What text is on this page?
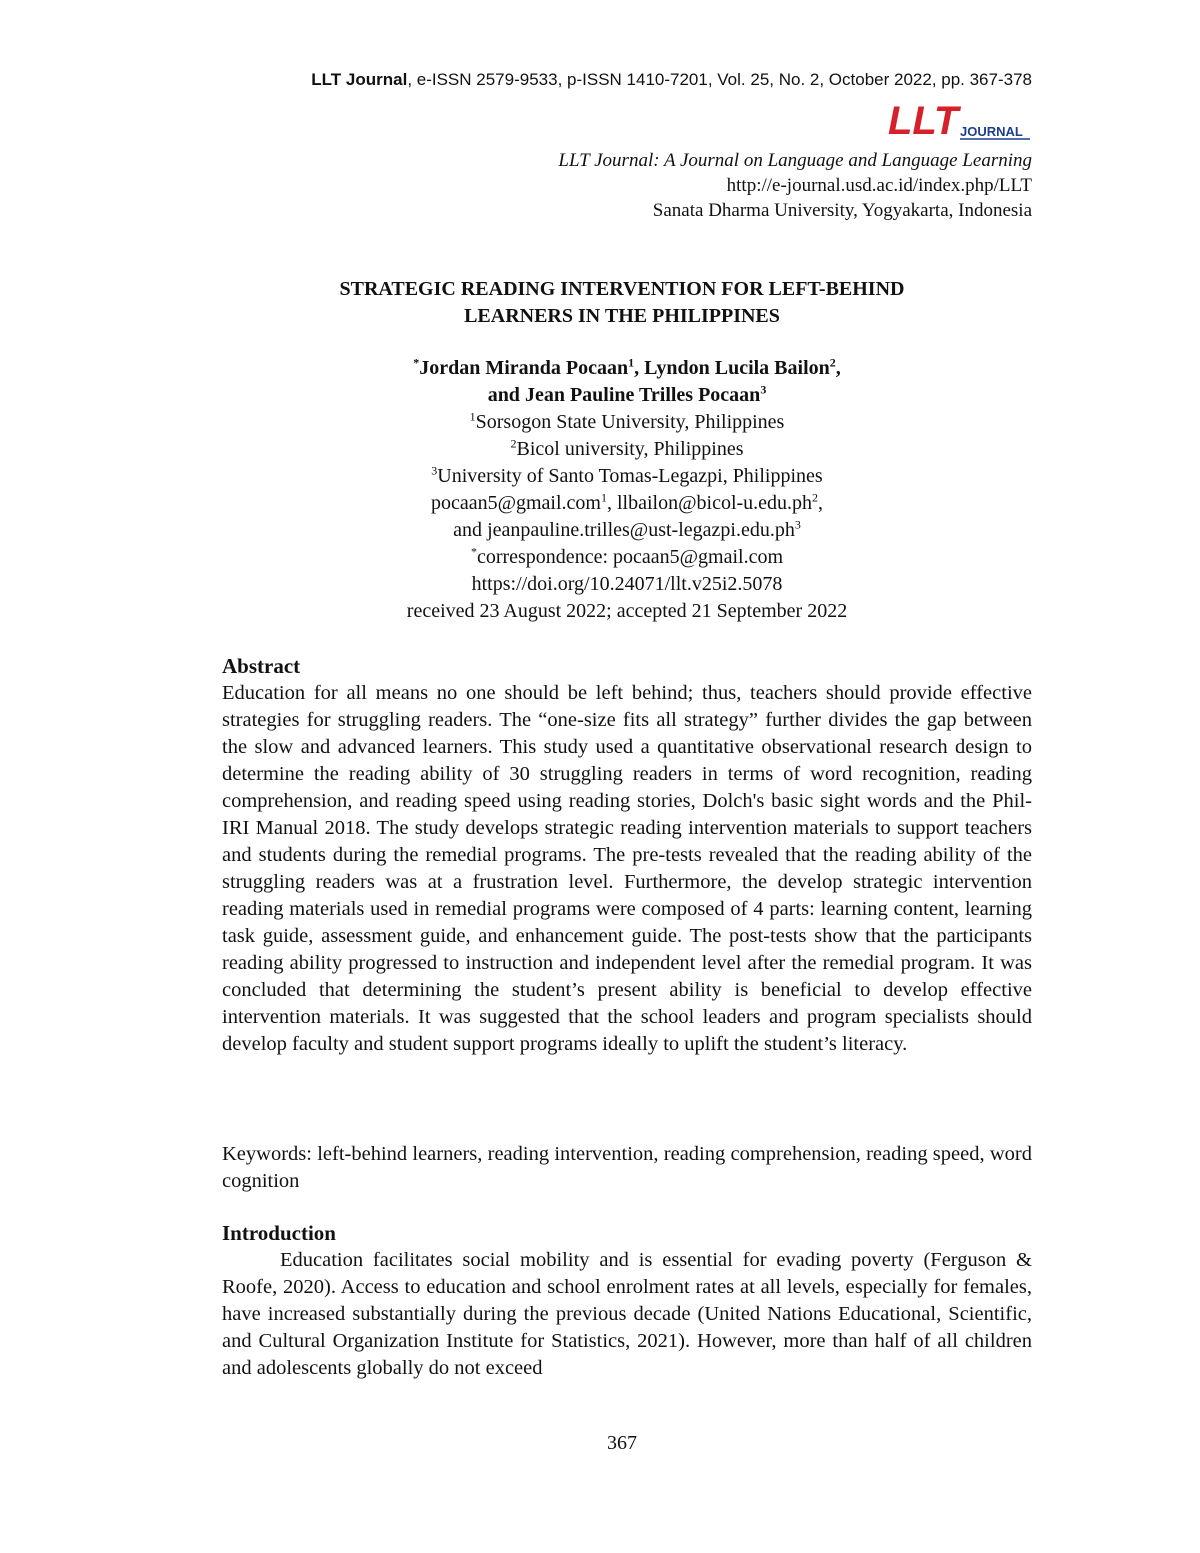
LLT Journal, e-ISSN 2579-9533, p-ISSN 1410-7201, Vol. 25, No. 2, October 2022, pp. 367-378
LLT JOURNAL
LLT Journal: A Journal on Language and Language Learning
http://e-journal.usd.ac.id/index.php/LLT
Sanata Dharma University, Yogyakarta, Indonesia
STRATEGIC READING INTERVENTION FOR LEFT-BEHIND
LEARNERS IN THE PHILIPPINES
*Jordan Miranda Pocaan$^1$, Lyndon Lucila Bailon$^2$,
and Jean Pauline Trilles Pocaan$^3$
$^1$Sorsogon State University, Philippines
$^2$Bicol university, Philippines
$^3$University of Santo Tomas-Legazpi, Philippines
pocaan5@gmail.com$^1$, $llbailon@bicol-u.edu.ph^2$,
and $jeanpauline.trilles@ust-legazpi.edu.ph^3$
*correspondence: pocaan5@gmail.com
https://doi.org/10.24071/llt.v25i2.5078
received 23 August 2022; accepted 21 September 2022
Abstract

Education for all means no one should be left behind; thus, teachers should provide effective strategies for struggling readers. The “one-size fits all strategy” further divides the gap between the slow and advanced learners. This study used a quantitative observational research design to determine the reading ability of 30 struggling readers in terms of word recognition, reading comprehension, and reading speed using reading stories, Dolch's basic sight words and the Phil-IRI Manual 2018. The study develops strategic reading intervention materials to support teachers and students during the remedial programs. The pre-tests revealed that the reading ability of the struggling readers was at a frustration level. Furthermore, the develop strategic intervention reading materials used in remedial programs were composed of 4 parts: learning content, learning task guide, assessment guide, and enhancement guide. The post-tests show that the participants reading ability progressed to instruction and independent level after the remedial program. It was concluded that determining the student’s present ability is beneficial to develop effective intervention materials. It was suggested that the school leaders and program specialists should develop faculty and student support programs ideally to uplift the student’s literacy.

Keywords: left-behind learners, reading intervention, reading comprehension, reading speed, word cognition

Introduction

Education facilitates social mobility and is essential for evading poverty (Ferguson & Roofe, 2020). Access to education and school enrolment rates at all levels, especially for females, have increased substantially during the previous decade (United Nations Educational, Scientific, and Cultural Organization Institute for Statistics, 2021). However, more than half of all children and adolescents globally do not exceed

367
